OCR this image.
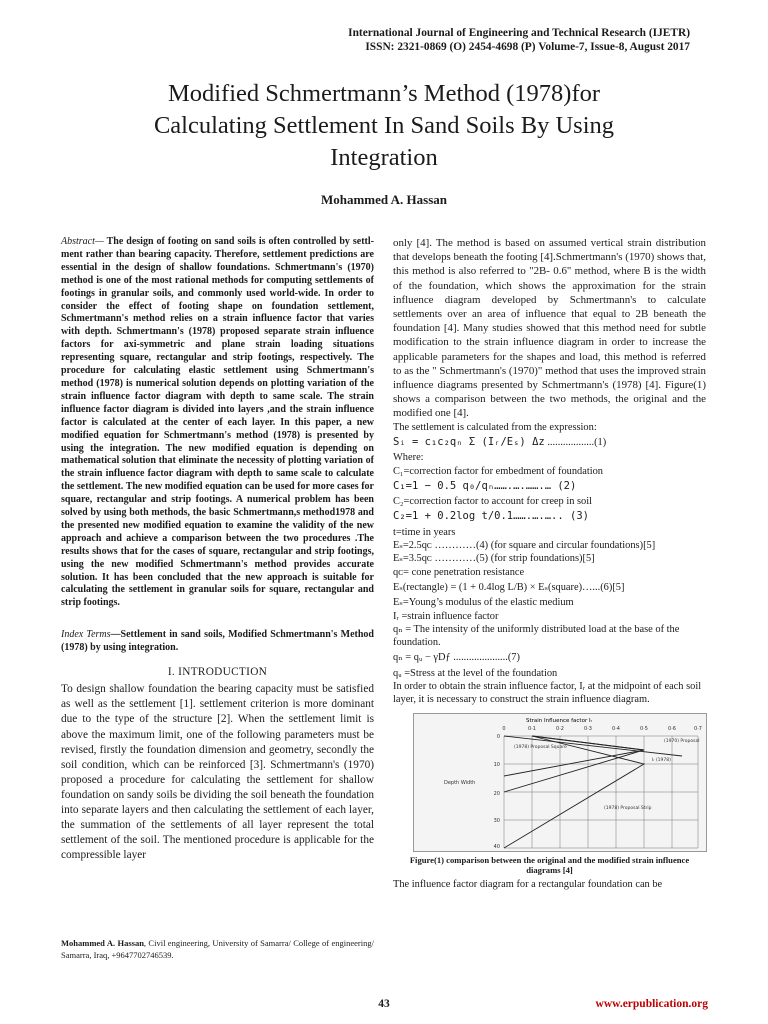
International Journal of Engineering and Technical Research (IJETR)
ISSN: 2321-0869 (O) 2454-4698 (P) Volume-7, Issue-8, August 2017
Modified Schmertmann’s Method (1978)for
Calculating Settlement In Sand Soils By Using
Integration
Mohammed A. Hassan

Abstract— The design of footing on sand soils is often controlled by settl-ment rather than bearing capacity. Therefore, settlement predictions are essential in the design of shallow foundations. Schmertmann's (1970) method is one of the most rational methods for computing settlements of footings in granular soils, and commonly used world-wide. In order to consider the effect of footing shape on foundation settlement, Schmertmann's method relies on a strain influence factor that varies with depth. Schmertmann's (1978) proposed separate strain influence factors for axi-symmetric and plane strain loading situations representing square, rectangular and strip footings, respectively. The procedure for calculating elastic settlement using Schmertmann's method (1978) is numerical solution depends on plotting variation of the strain influence factor diagram with depth to same scale. The strain influence factor diagram is divided into layers ,and the strain influence factor is calculated at the center of each layer. In this paper, a new modified equation for Schmertmann's method (1978) is presented by using the integration. The new modified equation is depending on mathematical solution that eliminate the necessity of plotting variation of the strain influence factor diagram with depth to same scale to calculate the settlement. The new modified equation can be used for more cases for square, rectangular and strip footings. A numerical problem has been solved by using both methods, the basic Schmertmann,s method1978 and the presented new modified equation to examine the validity of the new approach and achieve a comparison between the two procedures .The results shows that for the cases of square, rectangular and strip footings, using the new modified Schmertmann's method provides accurate solution. It has been concluded that the new approach is suitable for calculating the settlement in granular soils for square, rectangular and strip footings.

Index Terms—Settlement in sand soils, Modified Schmertmann's Method (1978) by using integration.

I. INTRODUCTION

To design shallow foundation the bearing capacity must be satisfied as well as the settlement [1]. settlement criterion is more dominant due to the type of the structure [2]. When the settlement limit is above the maximum limit, one of the following parameters must be revised, firstly the foundation dimension and geometry, secondly the soil condition, which can be reinforced [3]. Schmertmann's (1970) proposed a procedure for calculating the settlement for shallow foundation on sandy soils be dividing the soil beneath the foundation into separate layers and then calculating the settlement of each layer, the summation of the settlements of all layer represent the total settlement of the soil. The mentioned procedure is applicable for the compressible layer

Mohammed A. Hassan, Civil engineering, University of Samarra/ College of engineering/ Samarra, Iraq, +9647702746539.

only [4]. The method is based on assumed vertical strain distribution that develops beneath the footing [4].Schmertmann's (1970) shows that, this method is also referred to "2B- 0.6" method, where B is the width of the foundation, which shows the approximation for the strain influence diagram developed by Schmertmann's to calculate settlements over an area of influence that equal to 2B beneath the foundation [4]. Many studies showed that this method need for subtle modification to the strain influence diagram in order to increase the applicable parameters for the shapes and load, this method is referred to as the " Schmertmann's (1970)" method that uses the improved strain influence diagrams presented by Schmertmann's (1978) [4]. Figure(1) shows a comparison between the two methods, the original and the modified one [4].

The settlement is calculated from the expression:

Sᵢ = c₁c₂qₙ Σ (Iᵣ/Eₛ) Δz ..................(1)

Where:

C₁=correction factor for embedment of foundation

C₁=1 − 0.5 q₀/qₙ…….….…….… (2)

C₂=correction factor to account for creep in soil

C₂=1 + 0.2log t/0.1…….….….. (3)

t=time in years

Eₛ=2.5qᴄ …………(4) (for square and circular foundations)[5]

Eₛ=3.5qᴄ …………(5) (for strip foundations)[5]

qᴄ= cone penetration resistance

Eₛ(rectangle) = (1 + 0.4log L/B) × Eₛ(square)…...(6)[5]

Eₛ=Young’s modulus of the elastic medium

Iᵣ =strain influence factor

qₙ = The intensity of the uniformly distributed load at the base of the foundation.

qₙ = qᵤ − γDƒ .....................(7)

qᵤ =Stress at the level of the foundation

In order to obtain the strain influence factor, Iᵣ at the midpoint of each soil layer, it is necessary to construct the strain influence diagram.

Strain Influence factor Iᵣ
0	0·1	0·2	0·3	0·4	0·5	0·6	0·7
0
10
20
30
40
Depth Width
(1970) Proposal
(1978) Proposal Square
Iᵣ (1978)
(1978) Proposal Strip
Figure(1) comparison between the original and the modified strain influence diagrams [4]

The influence factor diagram for a rectangular foundation can be

43	www.erpublication.org
